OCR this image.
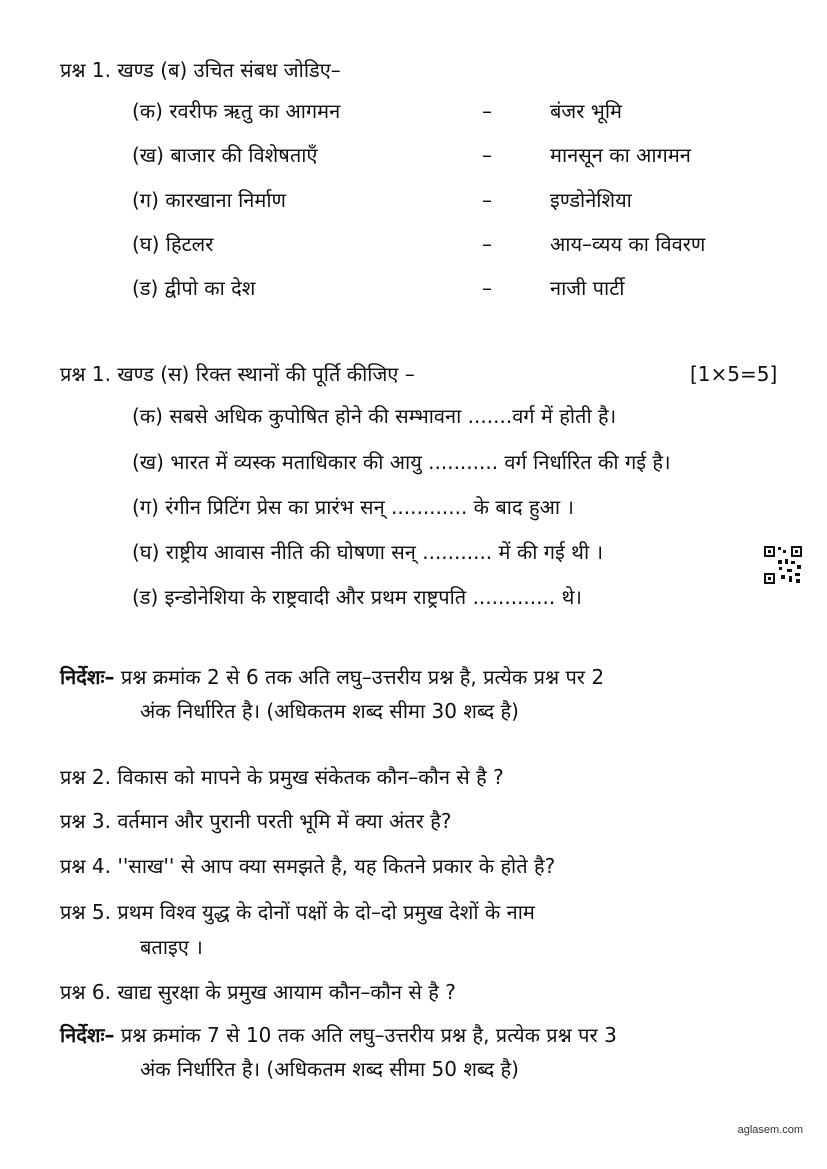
प्रश्न 1. खण्ड (ब) उचित संबध जोडिए–
(क) रवरीफ ऋतु का आगमन	–	बंजर भूमि
(ख) बाजार की विशेषताएँ	–	मानसून का आगमन
(ग) कारखाना निर्माण	–	इण्डोनेशिया
(घ) हिटलर	–	आय–व्यय का विवरण
(ड) द्वीपो का देश	–	नाजी पार्टी
प्रश्न 1. खण्ड (स) रिक्त स्थानों की पूर्ति कीजिए –	[1×5=5]
(क) सबसे अधिक कुपोषित होने की सम्भावना .......वर्ग में होती है।
(ख) भारत में व्यस्क मताधिकार की आयु ........... वर्ग निर्धारित की गई है।
(ग) रंगीन प्रिटिंग प्रेस का प्रारंभ सन् ............ के बाद हुआ ।
(घ) राष्ट्रीय आवास नीति की घोषणा सन् ........... में की गई थी ।
(ड) इन्डोनेशिया के राष्ट्रवादी और प्रथम राष्ट्रपति ............. थे।
निर्देशः– प्रश्न क्रमांक 2 से 6 तक अति लघु–उत्तरीय प्रश्न है, प्रत्येक प्रश्न पर 2
अंक निर्धारित है। (अधिकतम शब्द सीमा 30 शब्द है)
प्रश्न 2. विकास को मापने के प्रमुख संकेतक कौन–कौन से है ?
प्रश्न 3. वर्तमान और पुरानी परती भूमि में क्या अंतर है?
प्रश्न 4. ''साख'' से आप क्या समझते है, यह कितने प्रकार के होते है?
प्रश्न 5. प्रथम विश्व युद्ध के दोनों पक्षों के दो–दो प्रमुख देशों के नाम
बताइए ।
प्रश्न 6. खाद्य सुरक्षा के प्रमुख आयाम कौन–कौन से है ?
निर्देशः– प्रश्न क्रमांक 7 से 10 तक अति लघु–उत्तरीय प्रश्न है, प्रत्येक प्रश्न पर 3
अंक निर्धारित है। (अधिकतम शब्द सीमा 50 शब्द है)
aglasem.com
